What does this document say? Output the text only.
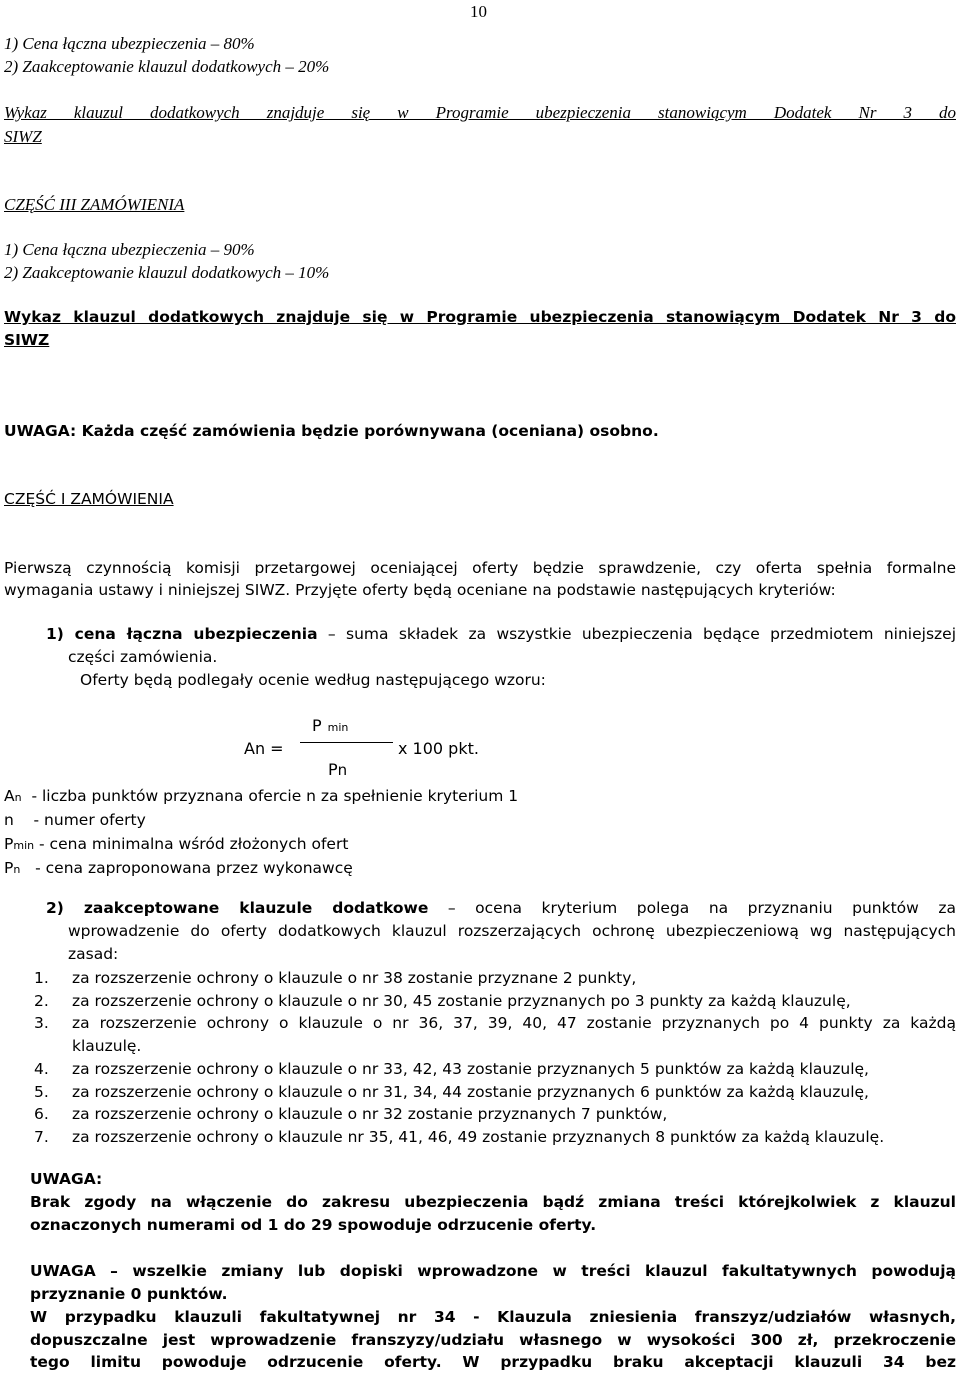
10
1) Cena łączna ubezpieczenia – 80%
2) Zaakceptowanie klauzul dodatkowych – 20%
Wykaz klauzul dodatkowych znajduje się w Programie ubezpieczenia stanowiącym Dodatek Nr 3 do
SIWZ
CZĘŚĆ III ZAMÓWIENIA
1) Cena łączna ubezpieczenia – 90%
2) Zaakceptowanie klauzul dodatkowych – 10%
Wykaz klauzul dodatkowych znajduje się w Programie ubezpieczenia stanowiącym Dodatek Nr 3 do
SIWZ
UWAGA: Każda część zamówienia będzie porównywana (oceniana) osobno.
CZĘŚĆ I ZAMÓWIENIA
Pierwszą czynnością komisji przetargowej oceniającej oferty będzie sprawdzenie, czy oferta spełnia formalne
wymagania ustawy i niniejszej SIWZ. Przyjęte oferty będą oceniane na podstawie następujących kryteriów:
1) cena łączna ubezpieczenia – suma składek za wszystkie ubezpieczenia będące przedmiotem niniejszej
części zamówienia.
Oferty będą podlegały ocenie według następującego wzoru:
P min
An =	x 100 pkt.
Pn
An  - liczba punktów przyznana ofercie n za spełnienie kryterium 1
n    - numer oferty
Pmin - cena minimalna wśród złożonych ofert
Pn   - cena zaproponowana przez wykonawcę
2) zaakceptowane klauzule dodatkowe – ocena kryterium polega na przyznaniu punktów za
wprowadzenie do oferty dodatkowych klauzul rozszerzających ochronę ubezpieczeniową wg następujących
zasad:
1.	za rozszerzenie ochrony o klauzule o nr 38 zostanie przyznane 2 punkty,
2.	za rozszerzenie ochrony o klauzule o nr 30, 45 zostanie przyznanych po 3 punkty za każdą klauzulę,
3.	za rozszerzenie ochrony o klauzule o nr 36, 37, 39, 40, 47 zostanie przyznanych po 4 punkty za każdą
klauzulę.
4.	za rozszerzenie ochrony o klauzule o nr 33, 42, 43 zostanie przyznanych 5 punktów za każdą klauzulę,
5.	za rozszerzenie ochrony o klauzule o nr 31, 34, 44 zostanie przyznanych 6 punktów za każdą klauzulę,
6.	za rozszerzenie ochrony o klauzule o nr 32 zostanie przyznanych 7 punktów,
7.	za rozszerzenie ochrony o klauzule nr 35, 41, 46, 49 zostanie przyznanych 8 punktów za każdą klauzulę.
UWAGA:
Brak zgody na włączenie do zakresu ubezpieczenia bądź zmiana treści którejkolwiek z klauzul
oznaczonych numerami od 1 do 29 spowoduje odrzucenie oferty.
UWAGA – wszelkie zmiany lub dopiski wprowadzone w treści klauzul fakultatywnych powodują
przyznanie 0 punktów.
W przypadku klauzuli fakultatywnej nr 34 - Klauzula zniesienia franszyz/udziałów własnych,
dopuszczalne jest wprowadzenie franszyzy/udziału własnego w wysokości 300 zł, przekroczenie
tego limitu powoduje odrzucenie oferty. W przypadku braku akceptacji klauzuli 34 bez
